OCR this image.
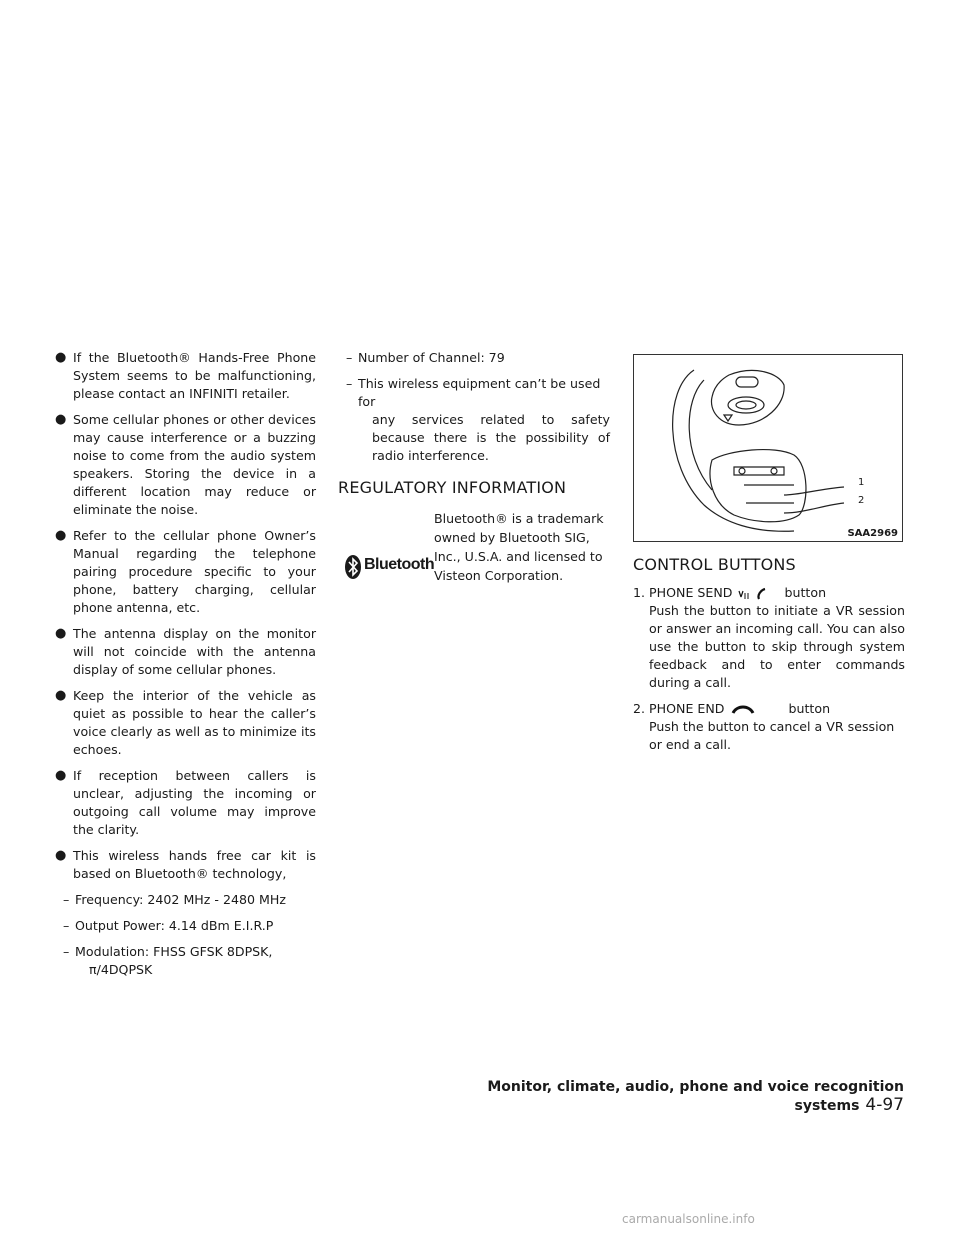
● If the Bluetooth® Hands-Free Phone System seems to be malfunctioning, please contact an INFINITI retailer.
● Some cellular phones or other devices may cause interference or a buzzing noise to come from the audio system speakers. Storing the device in a different location may reduce or eliminate the noise.
● Refer to the cellular phone Owner’s Manual regarding the telephone pairing procedure specific to your phone, battery charging, cellular phone antenna, etc.
● The antenna display on the monitor will not coincide with the antenna display of some cellular phones.
● Keep the interior of the vehicle as quiet as possible to hear the caller’s voice clearly as well as to minimize its echoes.
● If reception between callers is unclear, adjusting the incoming or outgoing call volume may improve the clarity.
● This wireless hands free car kit is based on Bluetooth® technology,
– Frequency: 2402 MHz - 2480 MHz
– Output Power: 4.14 dBm E.I.R.P
– Modulation: FHSS GFSK 8DPSK,
π/4DQPSK
– Number of Channel: 79
– This wireless equipment can’t be used for
any services related to safety because there is the possibility of radio interference.
REGULATORY INFORMATION
Bluetooth
Bluetooth® is a trademark owned by Bluetooth SIG, Inc., U.S.A. and licensed to Visteon Corporation.
1
2
SAA2969
CONTROL BUTTONS
1. PHONE SEND	button
Push the button to initiate a VR session or answer an incoming call. You can also use the button to skip through system feedback and to enter commands during a call.
2. PHONE END	button
Push the button to cancel a VR session or end a call.
Monitor, climate, audio, phone and voice recognition systems 4-97
carmanualsonline.info
